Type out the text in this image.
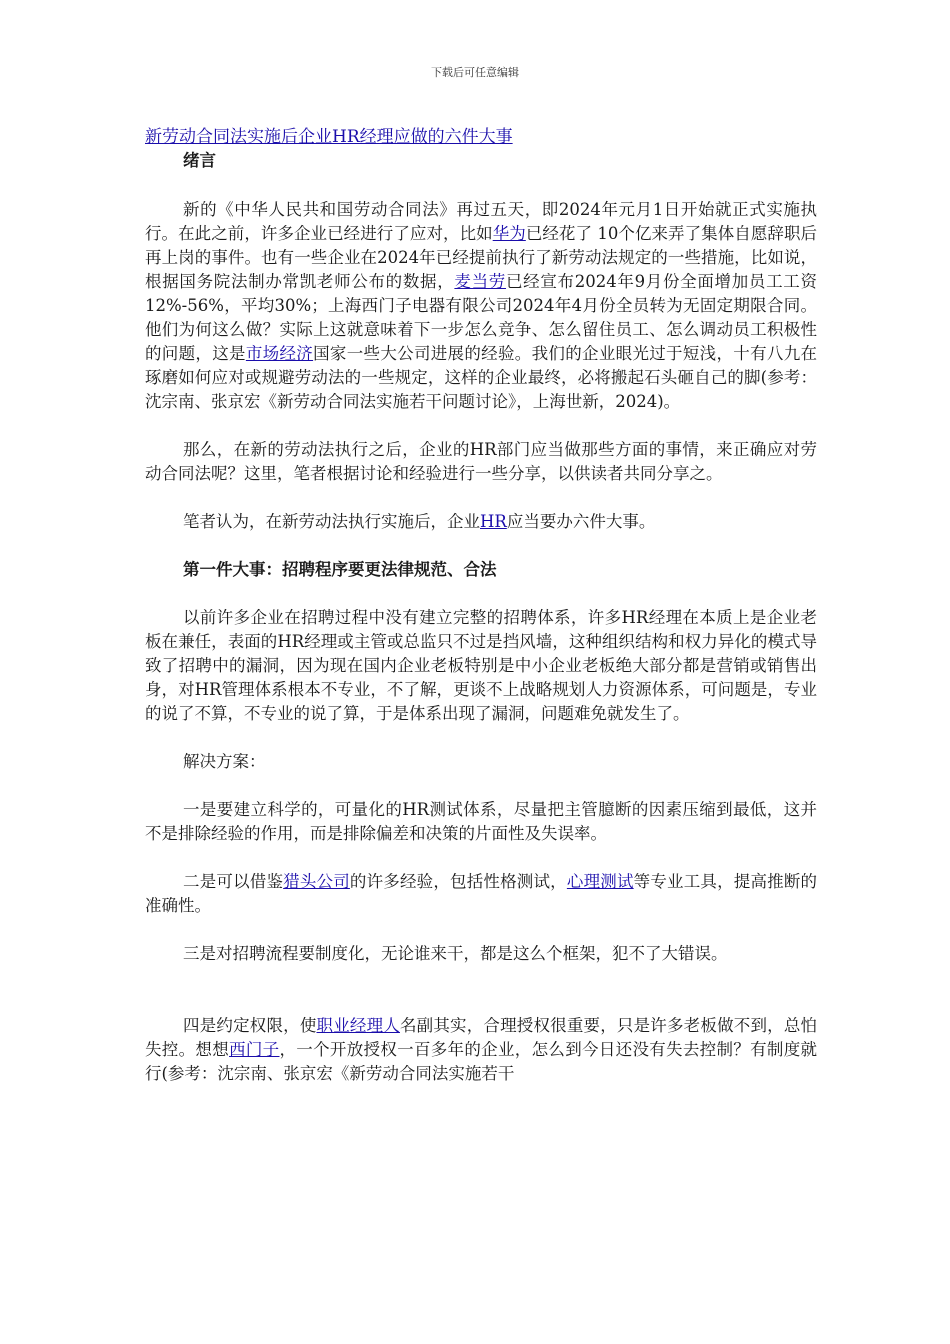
下载后可任意编辑
新劳动合同法实施后企业HR经理应做的六件大事
绪言

新的《中华人民共和国劳动合同法》再过五天，即2024年元月1日开始就正式实施执行。在此之前，许多企业已经进行了应对，比如华为已经花了 10个亿来弄了集体自愿辞职后再上岗的事件。也有一些企业在2024年已经提前执行了新劳动法规定的一些措施，比如说，根据国务院法制办常凯老师公布的数据，麦当劳已经宣布2024年9月份全面增加员工工资12%-56%，平均30%；上海西门子电器有限公司2024年4月份全员转为无固定期限合同。他们为何这么做？实际上这就意味着下一步怎么竞争、怎么留住员工、怎么调动员工积极性的问题，这是市场经济国家一些大公司进展的经验。我们的企业眼光过于短浅，十有八九在琢磨如何应对或规避劳动法的一些规定，这样的企业最终，必将搬起石头砸自己的脚(参考：沈宗南、张京宏《新劳动合同法实施若干问题讨论》，上海世新，2024)。

那么，在新的劳动法执行之后，企业的HR部门应当做那些方面的事情，来正确应对劳动合同法呢？这里，笔者根据讨论和经验进行一些分享，以供读者共同分享之。

笔者认为，在新劳动法执行实施后，企业HR应当要办六件大事。

第一件大事：招聘程序要更法律规范、合法

以前许多企业在招聘过程中没有建立完整的招聘体系，许多HR经理在本质上是企业老板在兼任，表面的HR经理或主管或总监只不过是挡风墙，这种组织结构和权力异化的模式导致了招聘中的漏洞，因为现在国内企业老板特别是中小企业老板绝大部分都是营销或销售出身，对HR管理体系根本不专业，不了解，更谈不上战略规划人力资源体系，可问题是，专业的说了不算，不专业的说了算，于是体系出现了漏洞，问题难免就发生了。

解决方案：

一是要建立科学的，可量化的HR测试体系，尽量把主管臆断的因素压缩到最低，这并不是排除经验的作用，而是排除偏差和决策的片面性及失误率。

二是可以借鉴猎头公司的许多经验，包括性格测试，心理测试等专业工具，提高推断的准确性。

三是对招聘流程要制度化，无论谁来干，都是这么个框架，犯不了大错误。

四是约定权限，使职业经理人名副其实，合理授权很重要，只是许多老板做不到，总怕失控。想想西门子，一个开放授权一百多年的企业，怎么到今日还没有失去控制？有制度就行(参考：沈宗南、张京宏《新劳动合同法实施若干
